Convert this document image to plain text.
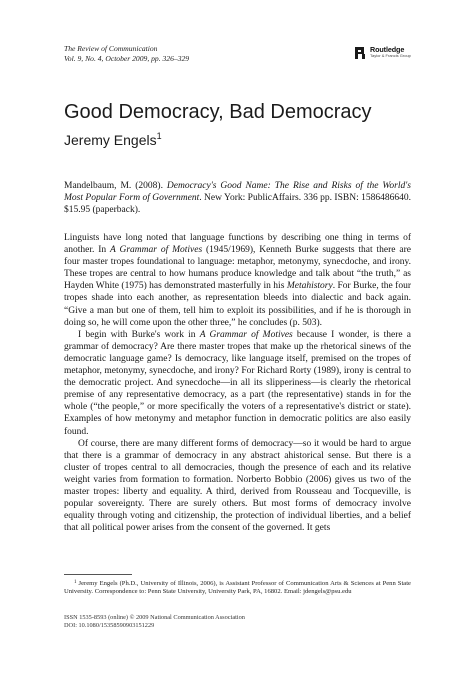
The Review of Communication
Vol. 9, No. 4, October 2009, pp. 326–329
Routledge
Taylor & Francis Group
Good Democracy, Bad Democracy
Jeremy Engels$^1$

Mandelbaum, M. (2008). Democracy's Good Name: The Rise and Risks of the World's Most Popular Form of Government. New York: PublicAffairs. 336 pp. ISBN: 1586486640. $15.95 (paperback).

Linguists have long noted that language functions by describing one thing in terms of another. In A Grammar of Motives (1945/1969), Kenneth Burke suggests that there are four master tropes foundational to language: metaphor, metonymy, synecdoche, and irony. These tropes are central to how humans produce knowledge and talk about “the truth,” as Hayden White (1975) has demonstrated masterfully in his Metahistory. For Burke, the four tropes shade into each another, as representation bleeds into dialectic and back again. “Give a man but one of them, tell him to exploit its possibilities, and if he is thorough in doing so, he will come upon the other three,” he concludes (p. 503).

I begin with Burke's work in A Grammar of Motives because I wonder, is there a grammar of democracy? Are there master tropes that make up the rhetorical sinews of the democratic language game? Is democracy, like language itself, premised on the tropes of metaphor, metonymy, synecdoche, and irony? For Richard Rorty (1989), irony is central to the democratic project. And synecdoche—in all its slipperiness—is clearly the rhetorical premise of any representative democracy, as a part (the representative) stands in for the whole (“the people,” or more specifically the voters of a representative's district or state). Examples of how metonymy and metaphor function in democratic politics are also easily found.

Of course, there are many different forms of democracy—so it would be hard to argue that there is a grammar of democracy in any abstract ahistorical sense. But there is a cluster of tropes central to all democracies, though the presence of each and its relative weight varies from formation to formation. Norberto Bobbio (2006) gives us two of the master tropes: liberty and equality. A third, derived from Rousseau and Tocqueville, is popular sovereignty. There are surely others. But most forms of democracy involve equality through voting and citizenship, the protection of individual liberties, and a belief that all political power arises from the consent of the governed. It gets

$^1$ Jeremy Engels (Ph.D., University of Illinois, 2006), is Assistant Professor of Communication Arts & Sciences at Penn State University. Correspondence to: Penn State University, University Park, PA, 16802. Email: jdengels@psu.edu

ISSN 1535-8593 (online) © 2009 National Communication Association
DOI: 10.1080/15358590903151229
